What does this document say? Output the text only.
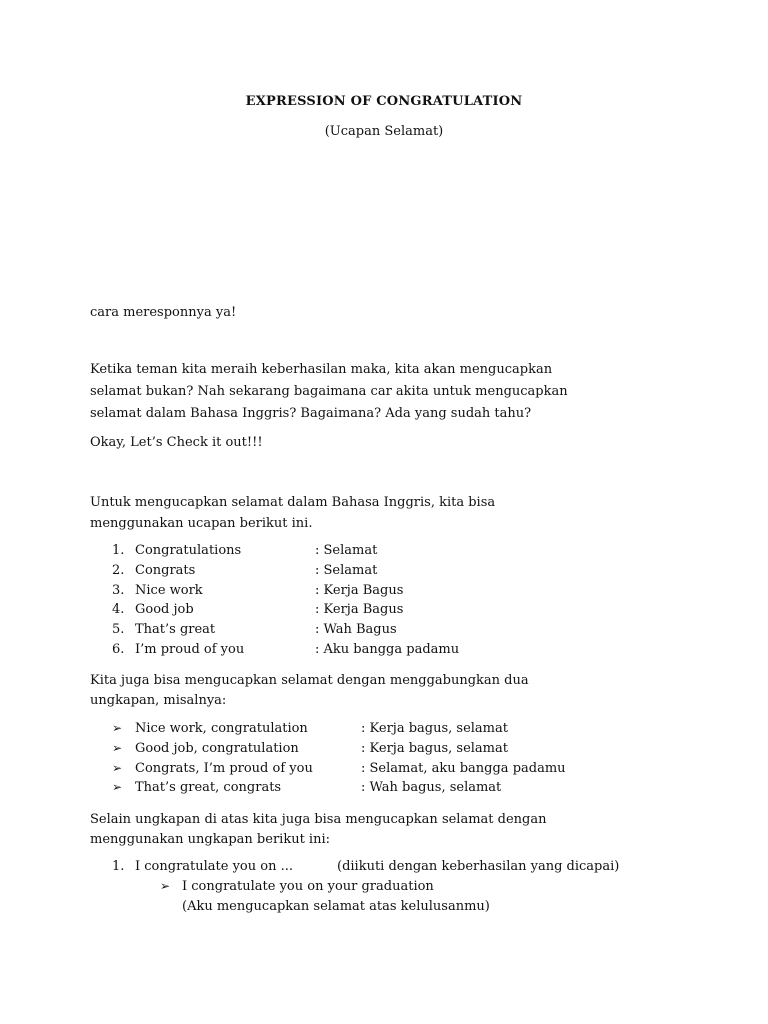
EXPRESSION OF CONGRATULATION
(Ucapan Selamat)
cara meresponnya ya!
Ketika teman kita meraih keberhasilan maka, kita akan mengucapkan
selamat bukan? Nah sekarang bagaimana car akita untuk mengucapkan
selamat dalam Bahasa Inggris? Bagaimana? Ada yang sudah tahu?
Okay, Let’s Check it out!!!
Untuk mengucapkan selamat dalam Bahasa Inggris, kita bisa
menggunakan ucapan berikut ini.
1. Congratulations	: Selamat
2. Congrats	: Selamat
3. Nice work	: Kerja Bagus
4. Good job	: Kerja Bagus
5. That’s great	: Wah Bagus
6. I’m proud of you	: Aku bangga padamu
Kita juga bisa mengucapkan selamat dengan menggabungkan dua
ungkapan, misalnya:
➢ Nice work, congratulation	: Kerja bagus, selamat
➢ Good job, congratulation	: Kerja bagus, selamat
➢ Congrats, I’m proud of you	: Selamat, aku bangga padamu
➢ That’s great, congrats	: Wah bagus, selamat
Selain ungkapan di atas kita juga bisa mengucapkan selamat dengan
menggunakan ungkapan berikut ini:
1. I congratulate you on ...	(diikuti dengan keberhasilan yang dicapai)
➢ I congratulate you on your graduation
(Aku mengucapkan selamat atas kelulusanmu)
